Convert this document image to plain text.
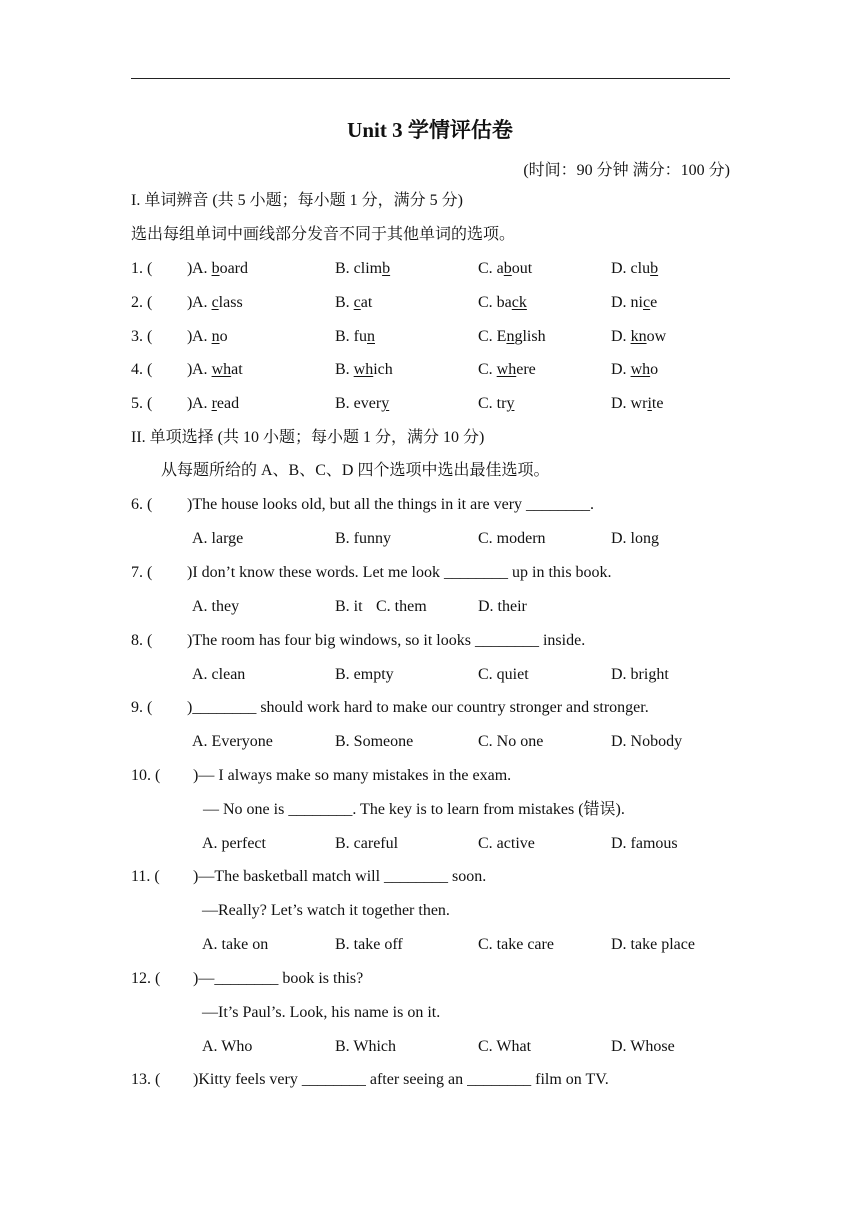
Unit 3 学情评估卷
(时间：90 分钟 满分：100 分)
I. 单词辨音 (共 5 小题；每小题 1 分，满分 5 分)
选出每组单词中画线部分发音不同于其他单词的选项。
1. ( ) A. board	B. climb	C. about	D. club
2. ( ) A. class	B. cat	C. back	D. nice
3. ( ) A. no	B. fun	C. English	D. know
4. ( ) A. what	B. which	C. where	D. who
5. ( ) A. read	B. every	C. try	D. write
II. 单项选择 (共 10 小题；每小题 1 分，满分 10 分)
从每题所给的 A、B、C、D 四个选项中选出最佳选项。
6. ( )The house looks old, but all the things in it are very ________.
A. large	B. funny	C. modern	D. long
7. ( )I don’t know these words. Let me look ________ up in this book.
A. they	B. it C. them	D. their
8. ( )The room has four big windows, so it looks ________ inside.
A. clean	B. empty	C. quiet	D. bright
9. ( )________ should work hard to make our country stronger and stronger.
A. Everyone	B. Someone	C. No one	D. Nobody
10. ( )— I always make so many mistakes in the exam.
— No one is ________. The key is to learn from mistakes (错误).
A. perfect	B. careful	C. active	D. famous
11. ( )—The basketball match will ________ soon.
—Really? Let’s watch it together then.
A. take on	B. take off	C. take care	D. take place
12. ( )—________ book is this?
—It’s Paul’s. Look, his name is on it.
A. Who	B. Which	C. What	D. Whose
13. ( )Kitty feels very ________ after seeing an ________ film on TV.
